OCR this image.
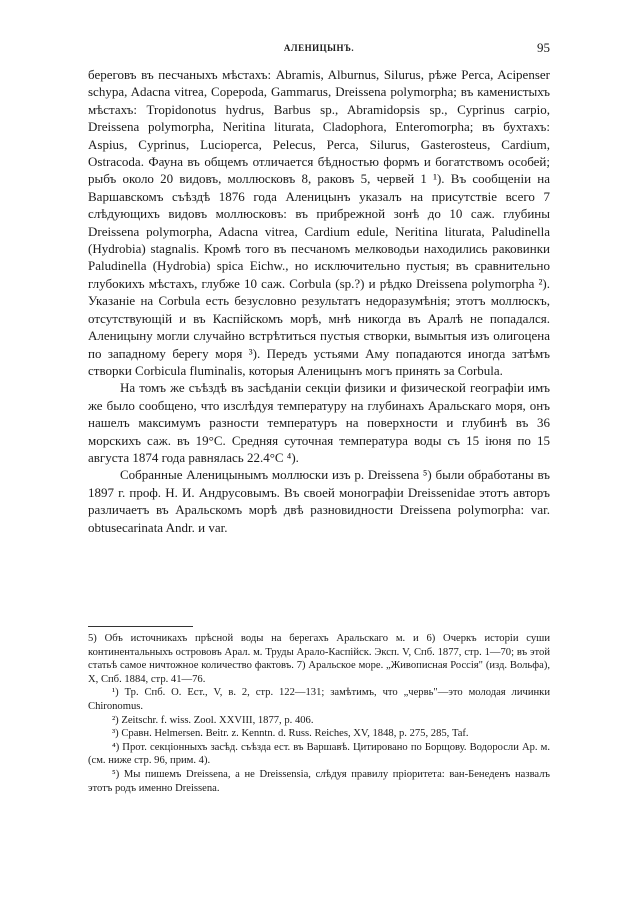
АЛЕНИЦЫНЪ.	95

береговъ въ песчаныхъ мѣстахъ: Abramis, Alburnus, Silurus, рѣже Perca, Acipenser schypa, Adacna vitrea, Copepoda, Gammarus, Dreissena polymorpha; въ каменистыхъ мѣстахъ: Tropidonotus hydrus, Barbus sp., Abramidopsis sp., Cyprinus carpio, Dreissena polymorpha, Neritina liturata, Cladophora, Enteromorpha; въ бухтахъ: Aspius, Cyprinus, Lucioperca, Pelecus, Perca, Silurus, Gasterosteus, Cardium, Ostracoda. Фауна въ общемъ отличается бѣдностью формъ и богатствомъ особей; рыбъ около 20 видовъ, моллюсковъ 8, раковъ 5, червей 1 ¹). Въ сообщеніи на Варшавскомъ съѣздѣ 1876 года Аленицынъ указалъ на присутствіе всего 7 слѣдующихъ видовъ моллюсковъ: въ прибрежной зонѣ до 10 саж. глубины Dreissena polymorpha, Adacna vitrea, Cardium edule, Neritina liturata, Paludinella (Hydrobia) stagnalis. Кромѣ того въ песчаномъ мелководьи находились раковинки Paludinella (Hydrobia) spica Eichw., но исключительно пустыя; въ сравнительно глубокихъ мѣстахъ, глубже 10 саж. Corbula (sp.?) и рѣдко Dreissena polymorpha ²). Указаніе на Corbula есть безусловно результатъ недоразумѣнія; этотъ моллюскъ, отсутствующій и въ Каспійскомъ морѣ, мнѣ никогда въ Аралѣ не попадался. Аленицыну могли случайно встрѣтиться пустыя створки, вымытыя изъ олигоцена по западному берегу моря ³). Передъ устьями Аму попадаются иногда затѣмъ створки Corbicula fluminalis, которыя Аленицынъ могъ принять за Corbula.

На томъ же съѣздѣ въ засѣданіи секціи физики и физической географіи имъ же было сообщено, что изслѣдуя температуру на глубинахъ Аральскаго моря, онъ нашелъ максимумъ разности температуръ на поверхности и глубинѣ въ 36 морскихъ саж. въ 19°С. Средняя суточная температура воды съ 15 іюня по 15 августа 1874 года равнялась 22.4°С ⁴).

Собранные Аленицынымъ моллюски изъ р. Dreissena ⁵) были обработаны въ 1897 г. проф. Н. И. Андрусовымъ. Въ своей монографіи Dreissenidae этотъ авторъ различаетъ въ Аральскомъ морѣ двѣ разновидности Dreissena polymorpha: var. obtusecarinata Andr. и var.

5) Объ источникахъ прѣсной воды на берегахъ Аральскаго м. и 6) Очеркъ исторіи суши континентальныхъ острововъ Арал. м. Труды Арало-Каспійск. Эксп. V, Спб. 1877, стр. 1—70; въ этой статьѣ самое ничтожное количество фактовъ. 7) Аральское море. „Живописная Россія" (изд. Вольфа), X, Спб. 1884, стр. 41—76.

¹) Тр. Спб. О. Ест., V, в. 2, стр. 122—131; замѣтимъ, что „червь"—это молодая личинки Chironomus.

²) Zeitschr. f. wiss. Zool. XXVIII, 1877, р. 406.

³) Сравн. Helmersen. Beitr. z. Kenntn. d. Russ. Reiches, XV, 1848, р. 275, 285, Taf.

⁴) Прот. секціонныхъ засѣд. съѣзда ест. въ Варшавѣ. Цитировано по Борщову. Водоросли Ар. м. (см. ниже стр. 96, прим. 4).

⁵) Мы пишемъ Dreissena, а не Dreissensia, слѣдуя правилу пріоритета: ван-Бенеденъ назвалъ этотъ родъ именно Dreissena.
